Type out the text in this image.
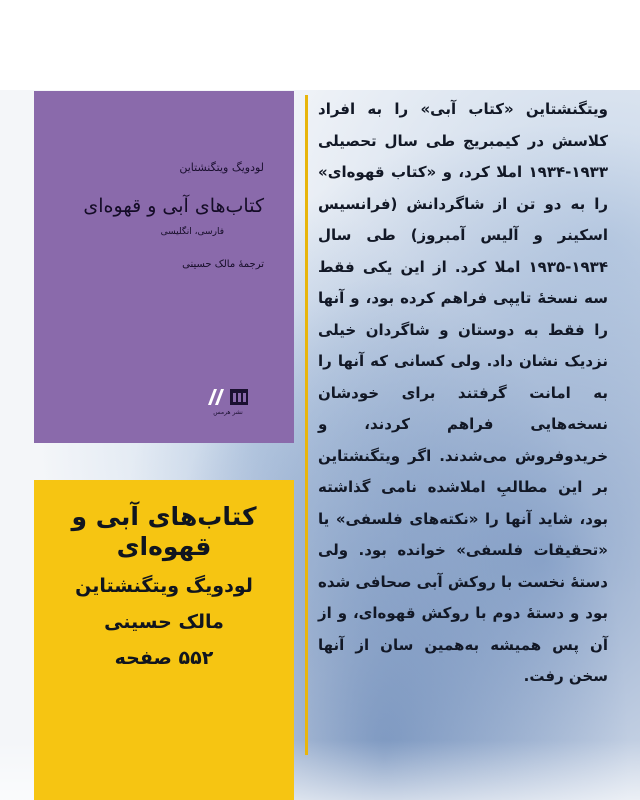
لودویگ ویتگنشتاین
کتاب‌های آبی و قهوه‌ای
فارسی، انگلیسی
ترجمۀ مالک حسینی
نشر هرمس
کتاب‌های آبی و قهوه‌ای
لودویگ ویتگنشتاین
مالک حسینی
۵۵۲ صفحه
ویتگنشتاین «کتاب آبی» را به افراد کلاسش در کیمبریج طی سال تحصیلی ۱۹۳۳-۱۹۳۴ املا کرد، و «کتاب قهوه‌ای» را به دو تن از شاگردانش (فرانسیس اسکینر و آلیس آمبروز) طی سال ۱۹۳۴-۱۹۳۵ املا کرد. از این یکی فقط سه نسخۀ تایپی فراهم کرده بود، و آنها را فقط به دوستان و شاگردان خیلی نزدیک نشان داد. ولی کسانی که آنها را به امانت گرفتند برای خودشان نسخه‌هایی فراهم کردند، و خریدوفروش می‌شدند. اگر ویتگنشتاین بر این مطالبِ املاشده نامی گذاشته بود، شاید آنها را «نکته‌های فلسفی» یا «تحقیقات فلسفی» خوانده بود. ولی دستۀ نخست با روکش آبی صحافی شده بود و دستۀ دوم با روکش قهوه‌ای، و از آن پس همیشه به‌همین سان از آنها سخن رفت.
